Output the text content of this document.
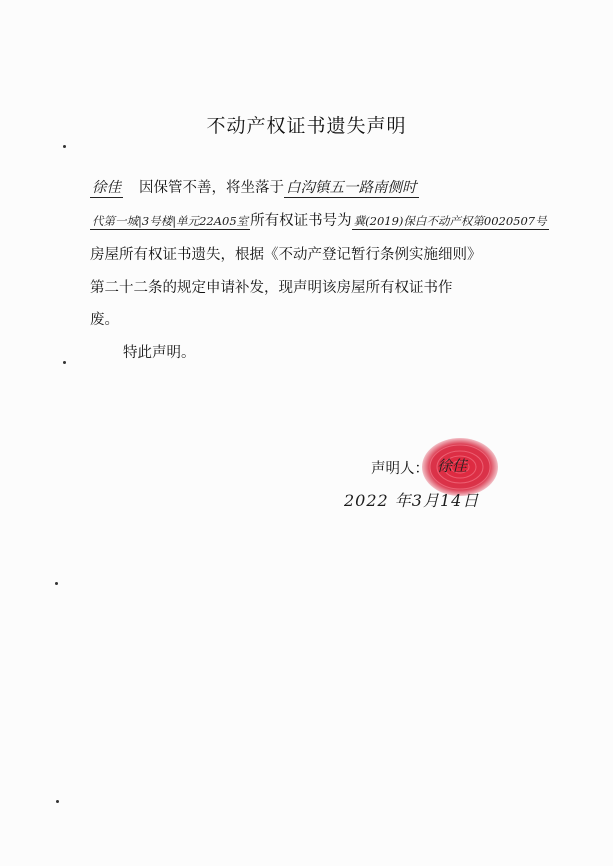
不动产权证书遗失声明
徐佳 因保管不善，将坐落于 白沟镇五一路南侧时
代第一城|3号楼|单元22A05室 所有权证书号为 冀(2019)保白不动产权第0020507号
房屋所有权证书遗失，根据《不动产登记暂行条例实施细则》
第二十二条的规定申请补发，现声明该房屋所有权证书作
废。
特此声明。
声明人： 徐佳
2022 年3月14日
